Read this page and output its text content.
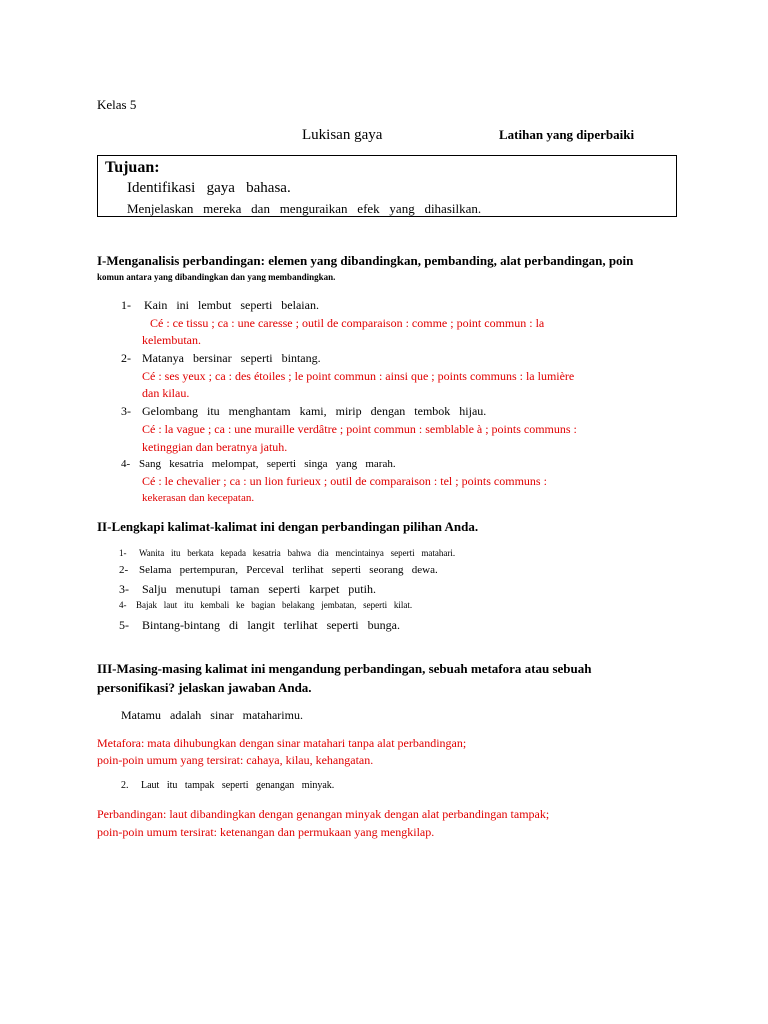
Kelas 5
Lukisan gaya	Latihan yang diperbaiki
Tujuan:
Identifikasi   gaya   bahasa.
Menjelaskan   mereka   dan   menguraikan   efek   yang   dihasilkan.
I-Menganalisis perbandingan: elemen yang dibandingkan, pembanding, alat perbandingan, poin
komun antara yang dibandingkan dan yang membandingkan.
1- Kain   ini   lembut   seperti   belaian.
Cé : ce tissu ; ca : une caresse ; outil de comparaison : comme ; point commun : la
kelembutan.
2- Matanya   bersinar   seperti   bintang.
Cé : ses yeux ; ca : des étoiles ; le point commun : ainsi que ; points communs : la lumière
dan kilau.
3- Gelombang   itu   menghantam   kami,   mirip   dengan   tembok   hijau.
Cé : la vague ; ca : une muraille verdâtre ; point commun : semblable à ; points communs :
ketinggian dan beratnya jatuh.
4- Sang   kesatria   melompat,   seperti   singa   yang   marah.
Cé : le chevalier ; ca : un lion furieux ; outil de comparaison : tel ; points communs :
kekerasan dan kecepatan.
II-Lengkapi kalimat-kalimat ini dengan perbandingan pilihan Anda.
1- Wanita   itu   berkata   kepada   kesatria   bahwa   dia   mencintainya   seperti   matahari.
2- Selama   pertempuran,   Perceval   terlihat   seperti   seorang   dewa.
3- Salju   menutupi   taman   seperti   karpet   putih.
4- Bajak   laut   itu   kembali   ke   bagian   belakang   jembatan,   seperti   kilat.
5- Bintang-bintang   di   langit   terlihat   seperti   bunga.
III-Masing-masing kalimat ini mengandung perbandingan, sebuah metafora atau sebuah
personifikasi? jelaskan jawaban Anda.
Matamu   adalah   sinar   mataharimu.
Metafora: mata dihubungkan dengan sinar matahari tanpa alat perbandingan;
poin-poin umum yang tersirat: cahaya, kilau, kehangatan.
2. Laut   itu   tampak   seperti   genangan   minyak.
Perbandingan: laut dibandingkan dengan genangan minyak dengan alat perbandingan tampak;
poin-poin umum tersirat: ketenangan dan permukaan yang mengkilap.
